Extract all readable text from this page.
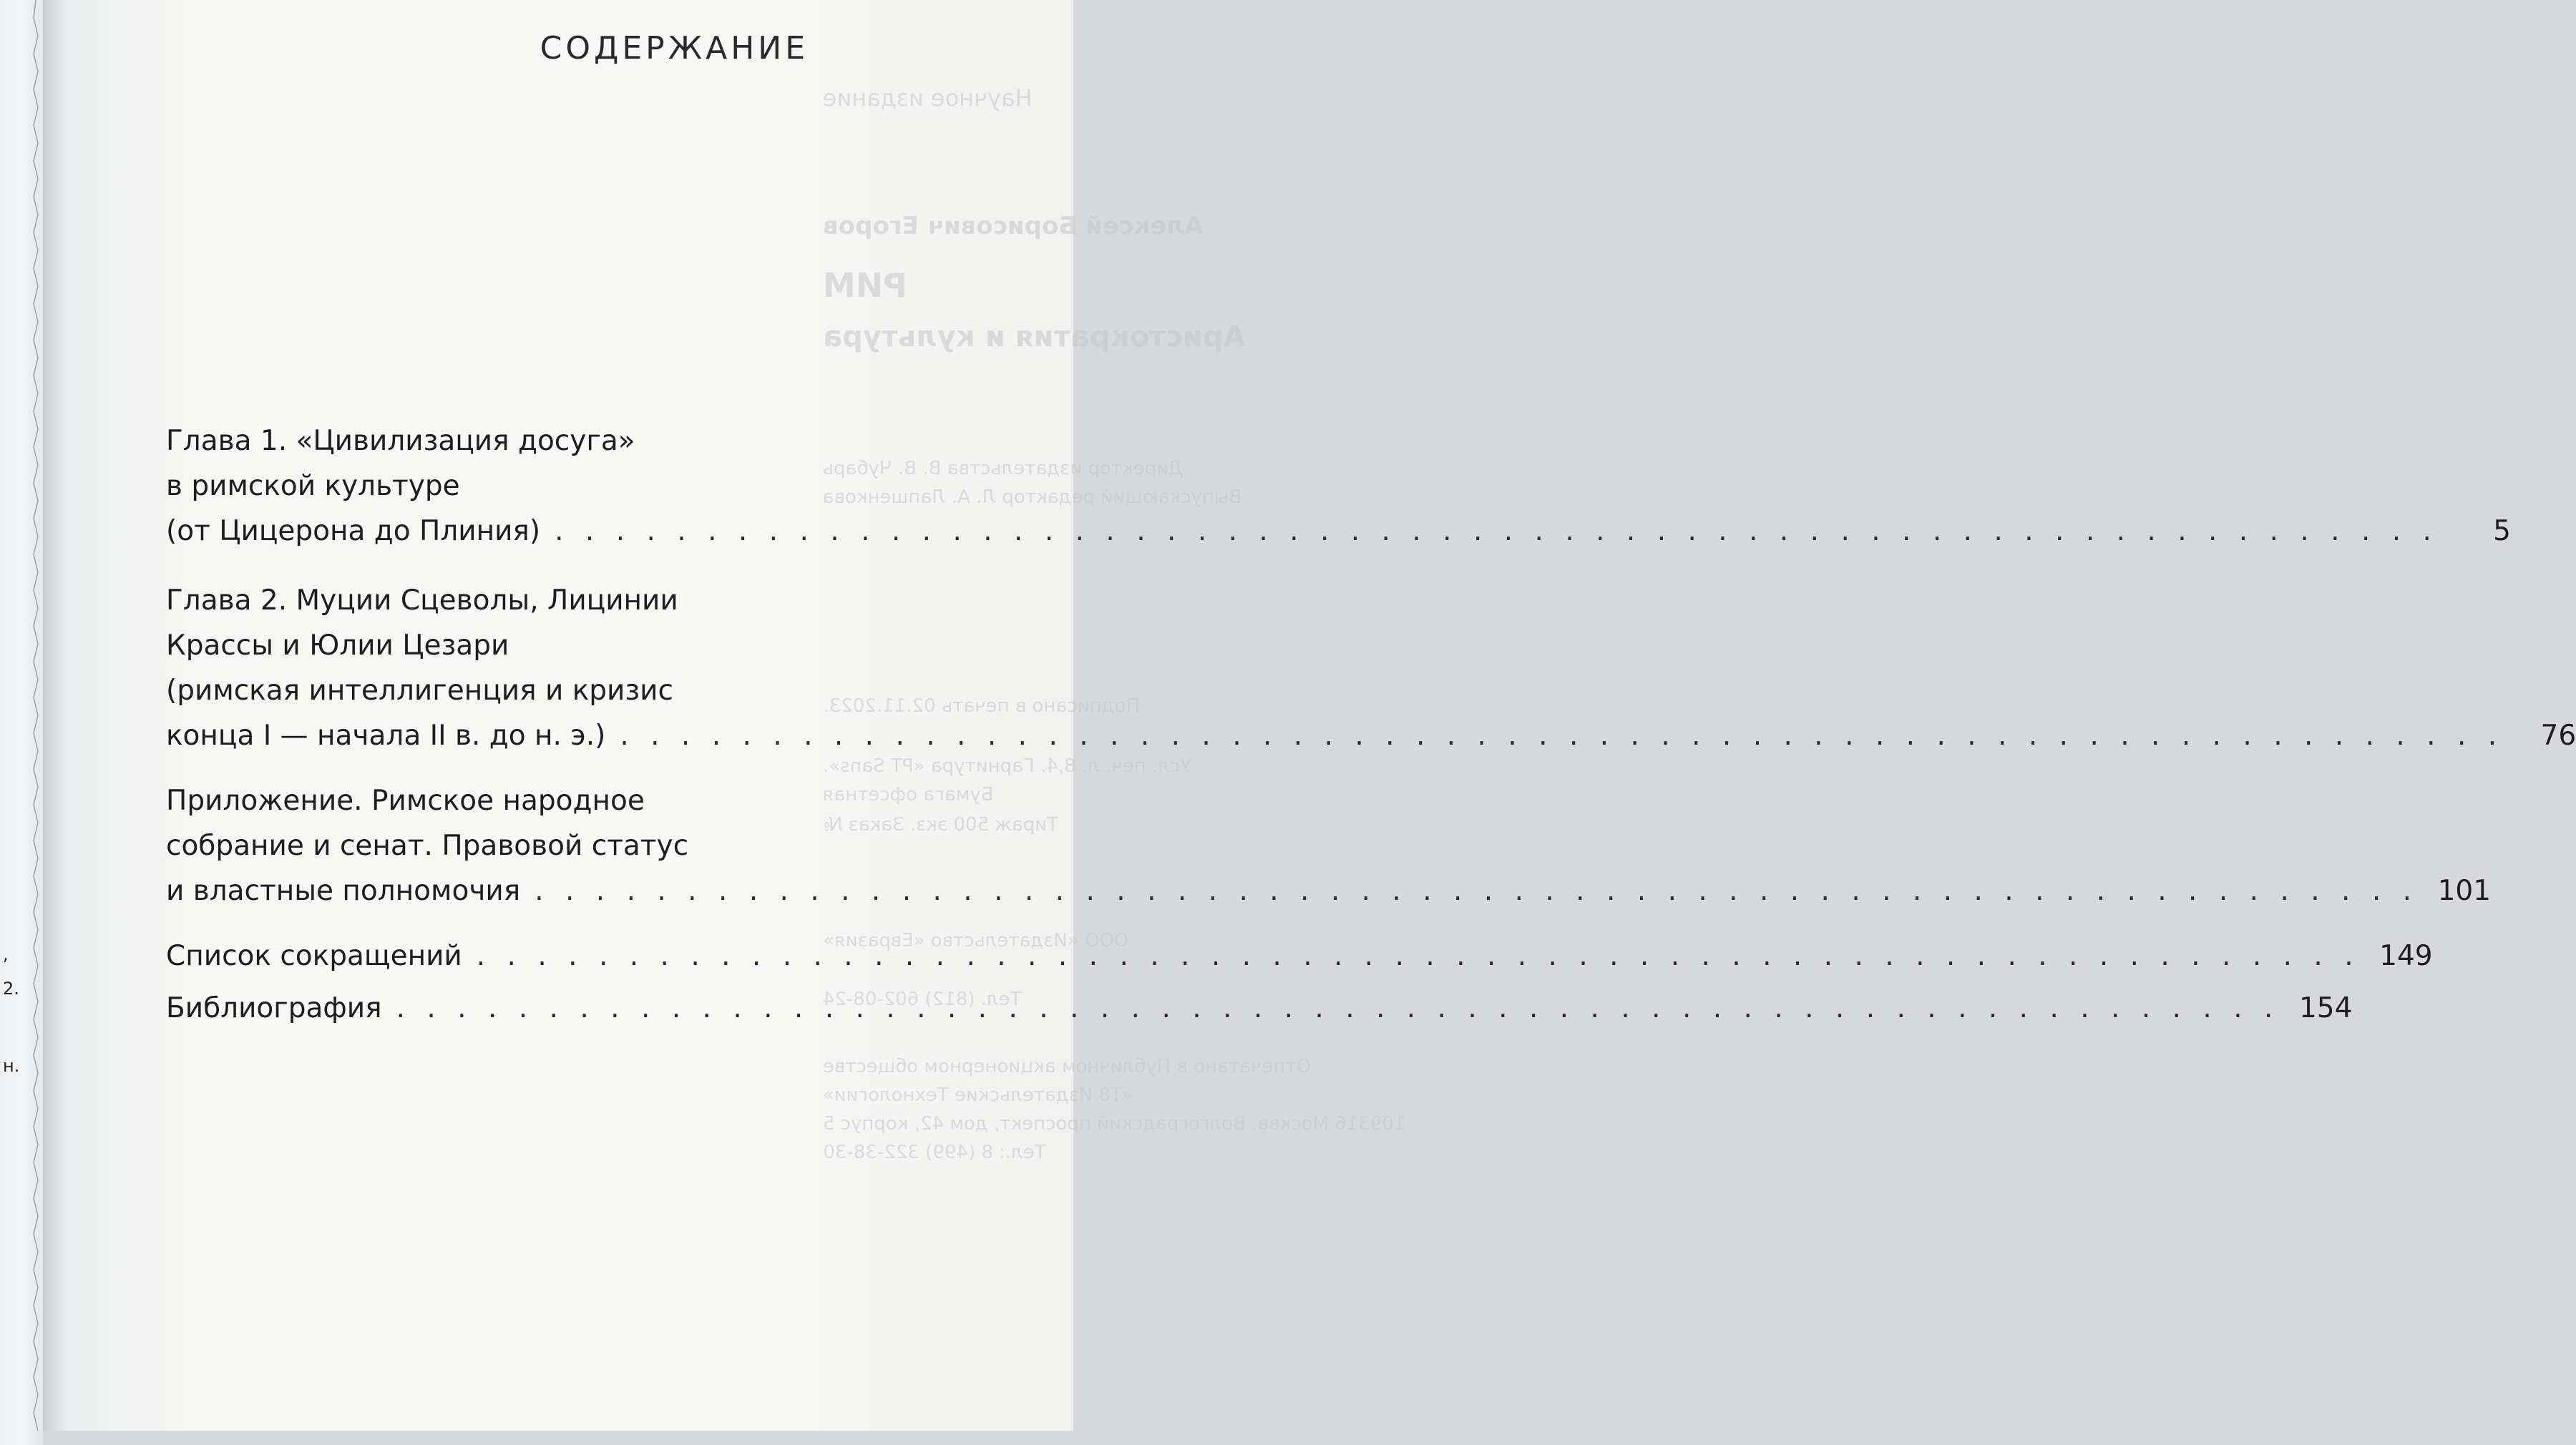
,
2.
н.
Научное издание
Алексей Борисович Егоров
РИМ
Аристократия и культура
Директор издательства В. В. Чубарь
Выпускающий редактор Л. А. Лапшенкова
Подписано в печать 02.11.2023.
Усл. печ. л. 8,4. Гарнитура «PT Sans».
Бумага офсетная
Тираж 500 экз. Заказ №
ООО «Издательство «Евразия»
Тел. (812) 602-08-24
Отпечатано в Публичном акционерном обществе
«T8 Издательские Технологии»
109316 Москва, Волгоградский проспект, дом 42, корпус 5
Тел.: 8 (499) 322-38-30
СОДЕРЖАНИЕ
Глава 1. «Цивилизация досуга»
в римской культуре
(от Цицерона до Плиния) . . .	5
Глава 2. Муции Сцеволы, Лицинии
Крассы и Юлии Цезари
(римская интеллигенция и кризис
конца I — начала II в. до н. э.) . . .	76
Приложение. Римское народное
собрание и сенат. Правовой статус
и властные полномочия . . .	101
Список сокращений . . .	149
Библиография . . .	154
